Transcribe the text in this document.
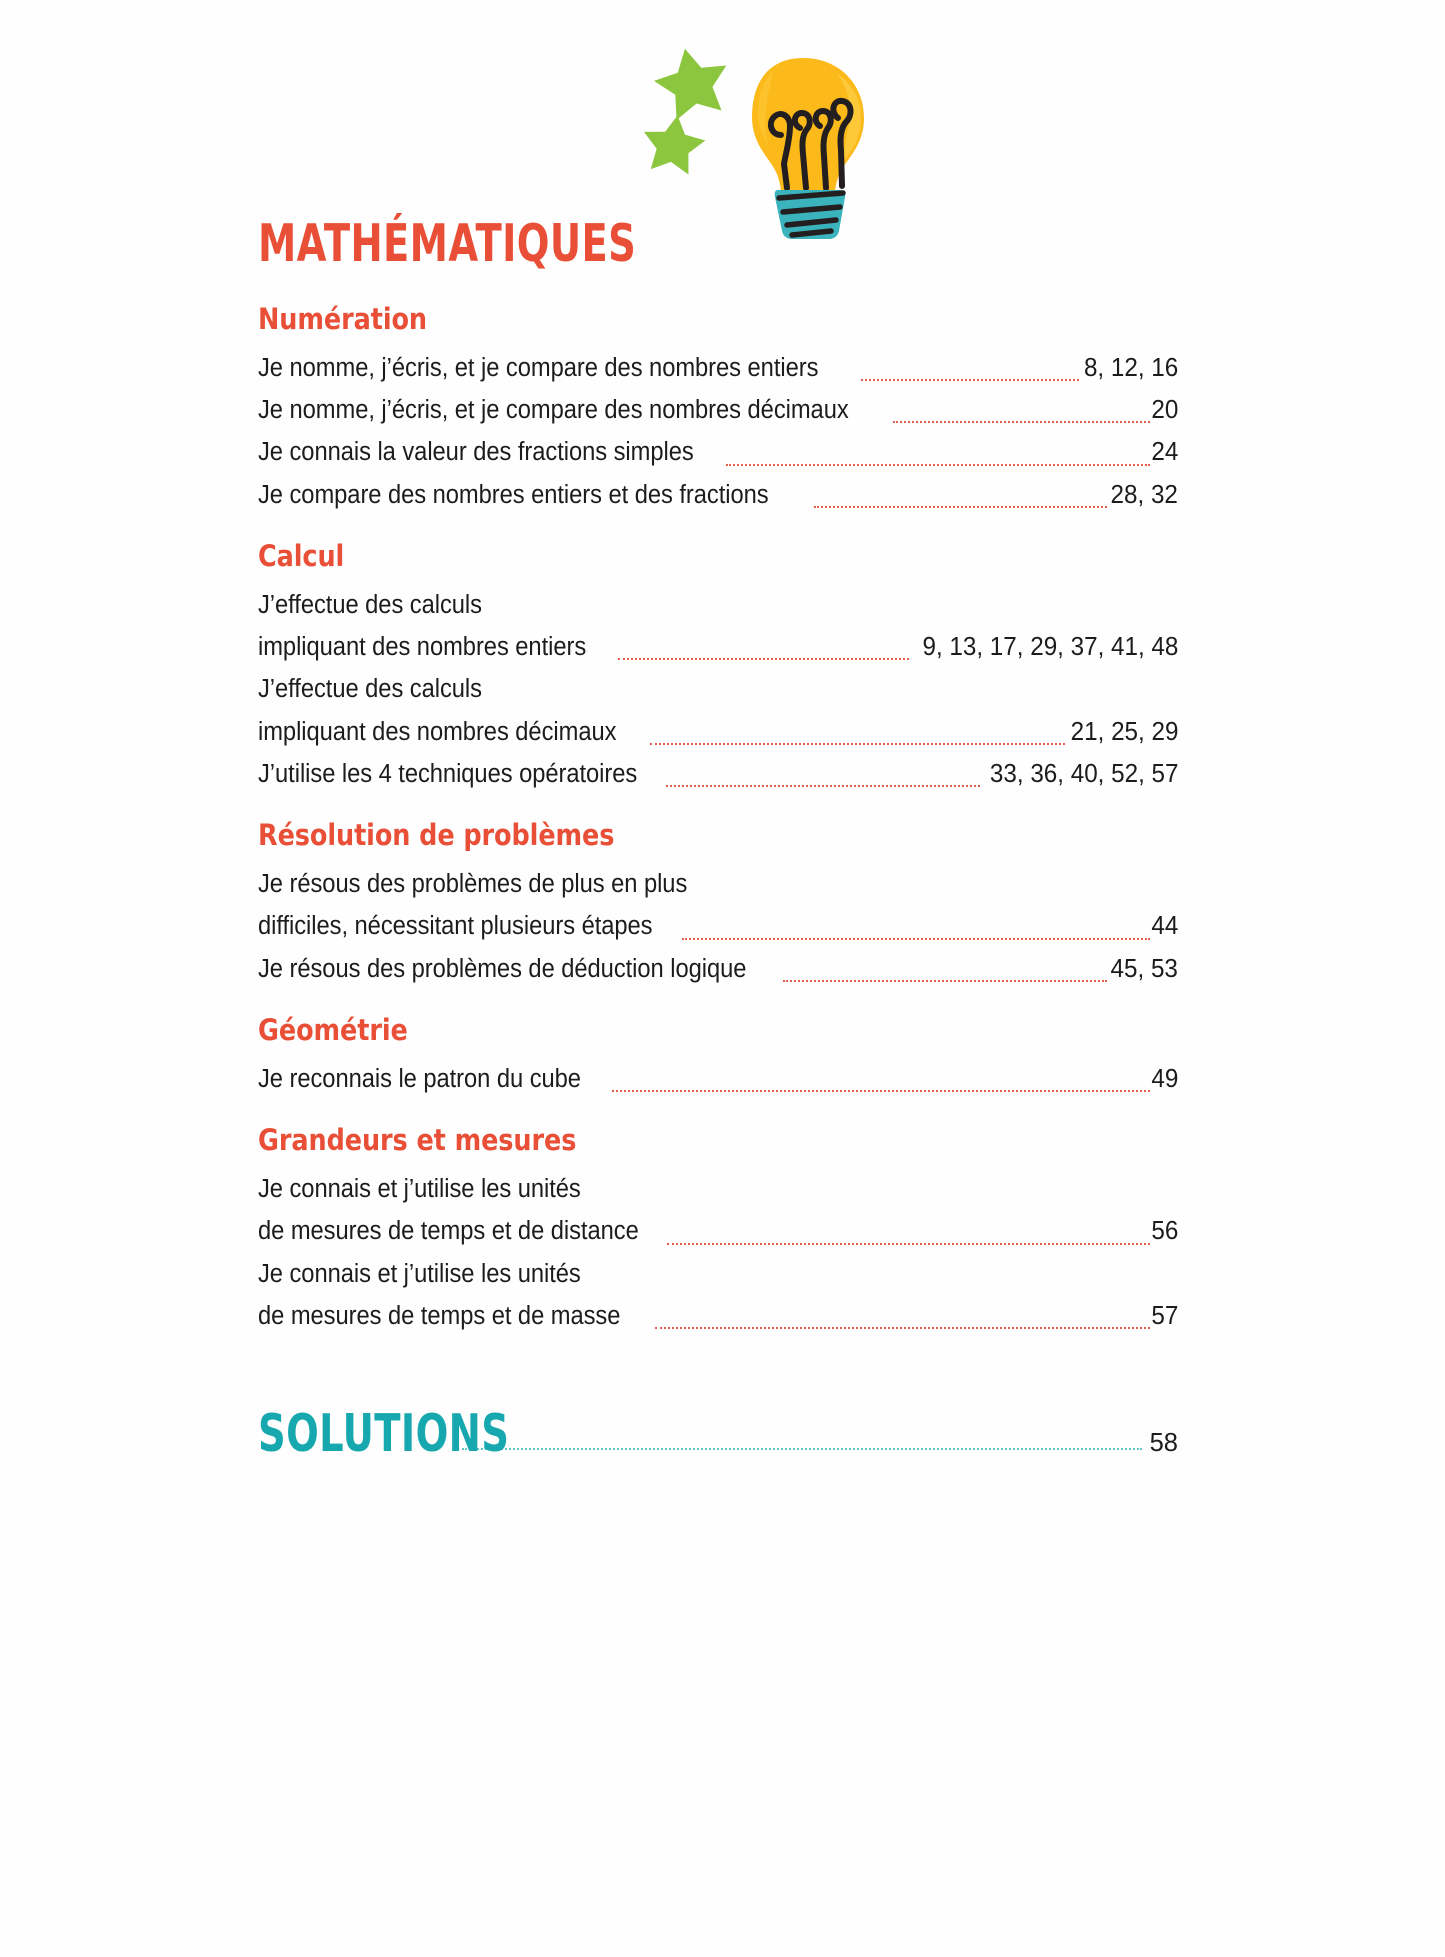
MATHÉMATIQUES
Numération
Je nomme, j’écris, et je compare des nombres entiers	8, 12, 16
Je nomme, j’écris, et je compare des nombres décimaux	20
Je connais la valeur des fractions simples	24
Je compare des nombres entiers et des fractions	28, 32
Calcul
J’effectue des calculs
impliquant des nombres entiers	9, 13, 17, 29, 37, 41, 48
J’effectue des calculs
impliquant des nombres décimaux	21, 25, 29
J’utilise les 4 techniques opératoires	33, 36, 40, 52, 57
Résolution de problèmes
Je résous des problèmes de plus en plus
difficiles, nécessitant plusieurs étapes	44
Je résous des problèmes de déduction logique	45, 53
Géométrie
Je reconnais le patron du cube	49
Grandeurs et mesures
Je connais et j’utilise les unités
de mesures de temps et de distance	56
Je connais et j’utilise les unités
de mesures de temps et de masse	57
SOLUTIONS	58
